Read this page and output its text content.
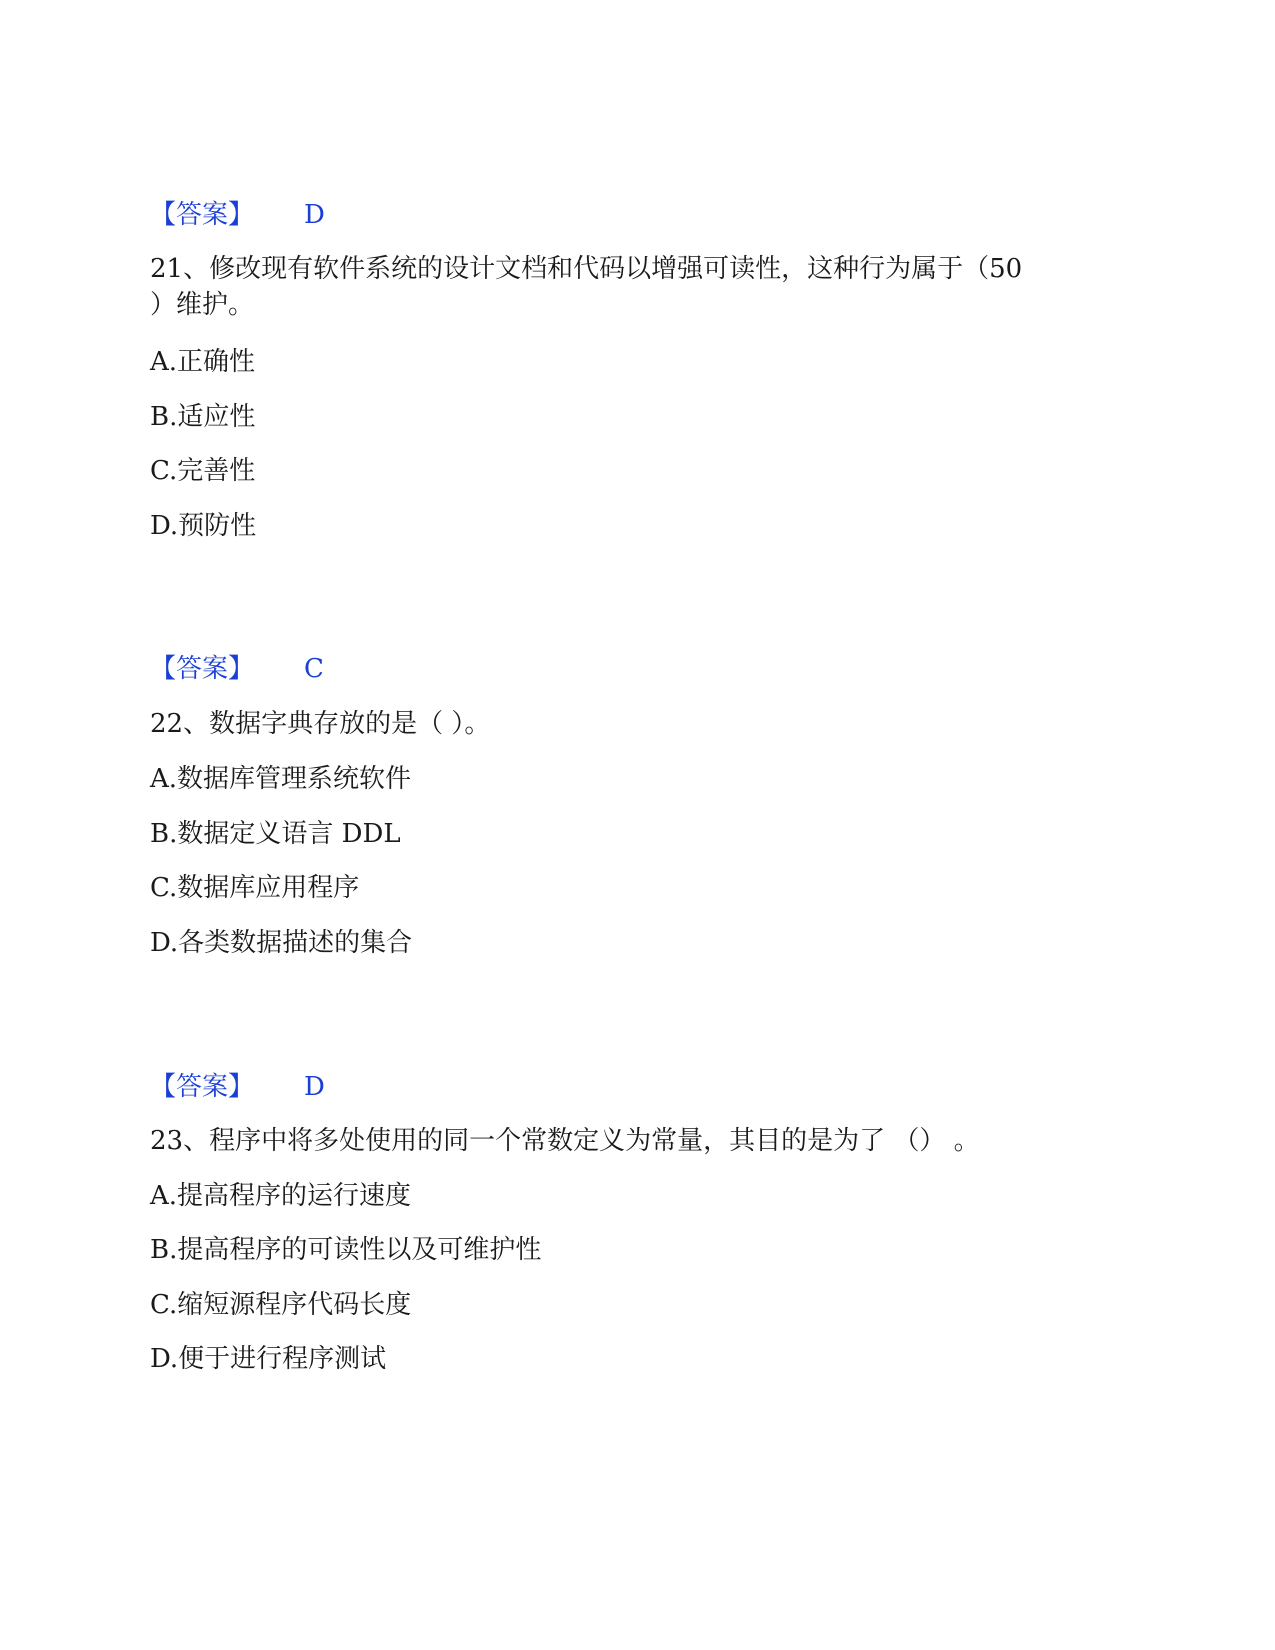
【答案】 D
21、修改现有软件系统的设计文档和代码以增强可读性，这种行为属于（50
）维护。
A.正确性
B.适应性
C.完善性
D.预防性
【答案】 C
22、数据字典存放的是（ ）。
A.数据库管理系统软件
B.数据定义语言 DDL
C.数据库应用程序
D.各类数据描述的集合
【答案】 D
23、程序中将多处使用的同一个常数定义为常量，其目的是为了 （） 。
A.提高程序的运行速度
B.提高程序的可读性以及可维护性
C.缩短源程序代码长度
D.便于进行程序测试
